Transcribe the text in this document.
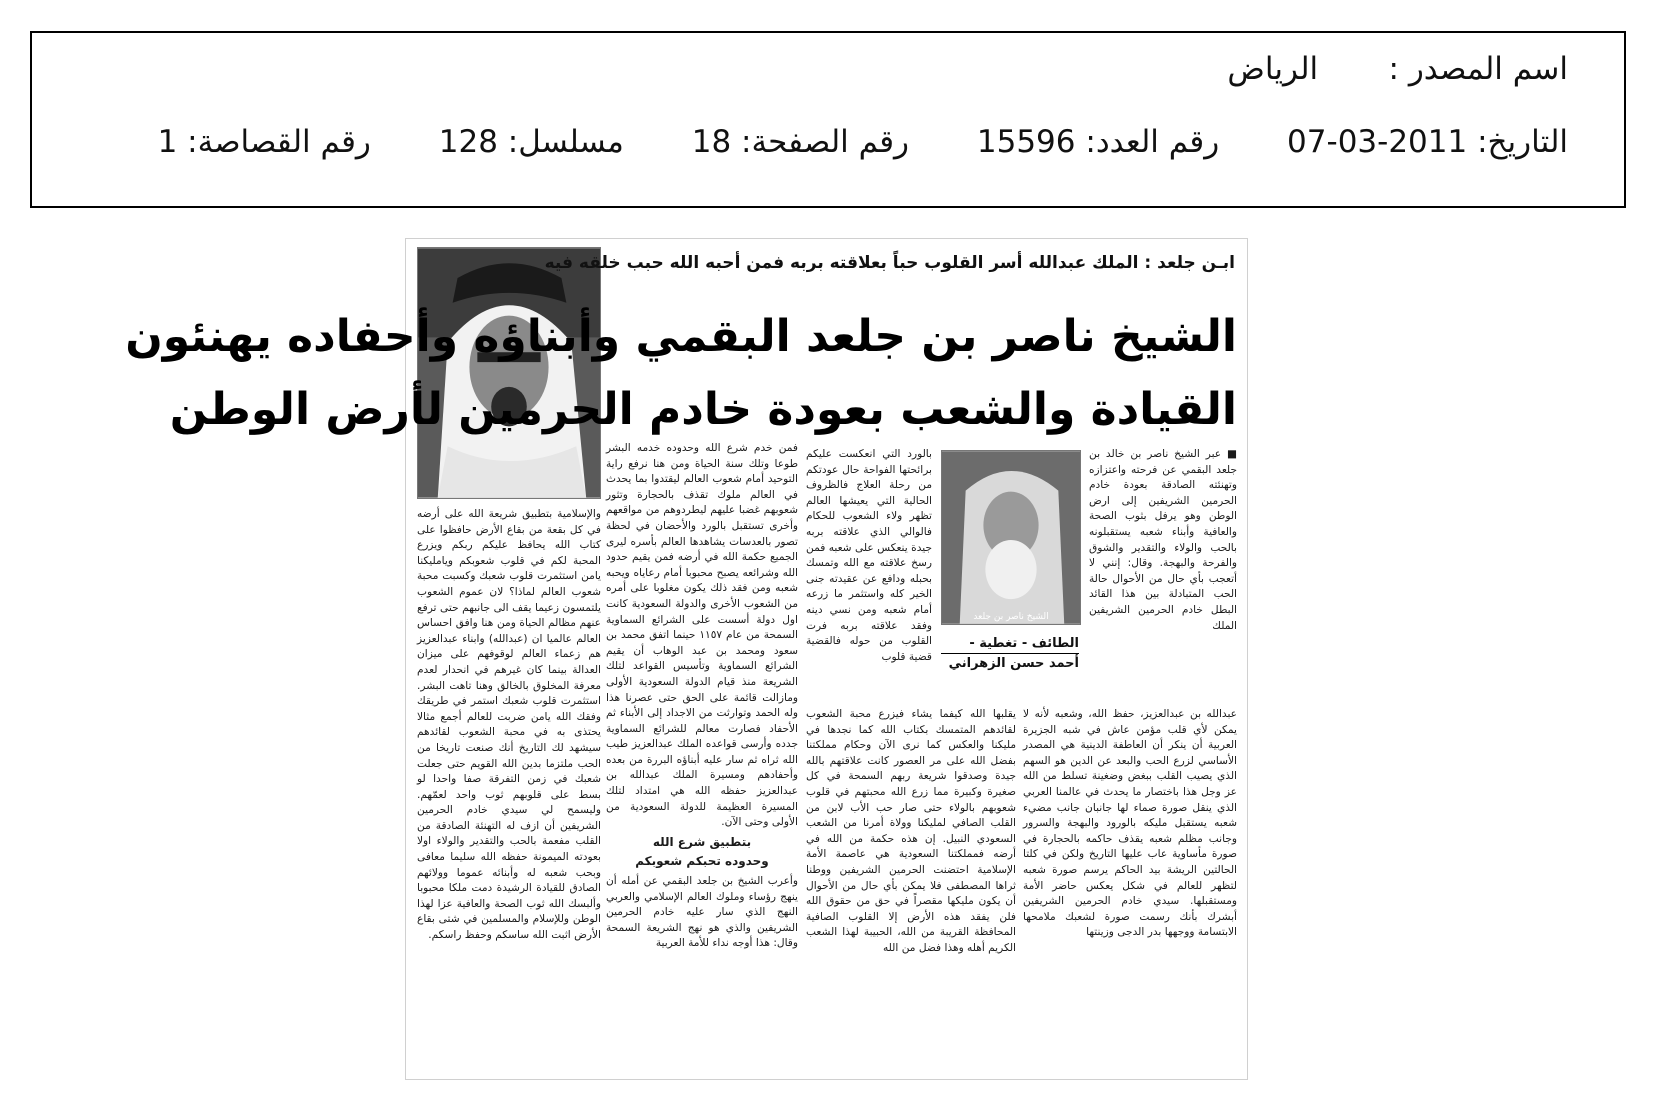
اسم المصدر : الرياض
التاريخ: 2011-03-07 رقم العدد: 15596 رقم الصفحة: 18 مسلسل: 128 رقم القصاصة: 1
ابـن جلعد : الملك عبدالله أسر القلوب حباً بعلاقته بربه فمن أحبه الله حبب خلقه فيه
الشيخ ناصر بن جلعد البقمي وأبناؤه وأحفاده يهنئون
القيادة والشعب بعودة خادم الحرمين لأرض الوطن
الشيخ ناصر بن جلعد
الطائف - تغطية -
أحمد حسن الزهراني

■ عبر الشيخ ناصر بن خالد بن جلعد البقمي عن فرحته واعتزازه وتهنئته الصادقة بعودة خادم الحرمين الشريفين إلى ارض الوطن وهو يرفل بثوب الصحة والعافية وأبناء شعبه يستقبلونه بالحب والولاء والتقدير والشوق والفرحة والبهجة. وقال: إنني لا أتعجب بأي حال من الأحوال حالة الحب المتبادلة بين هذا القائد البطل خادم الحرمين الشريفين الملك

بالورد التي انعكست عليكم برائحتها الفواحة حال عودتكم من رحلة العلاج فالظروف الحالية التي يعيشها العالم تظهر ولاء الشعوب للحكام فالوالي الذي علاقته بربه جيدة ينعكس على شعبه فمن رسخ علاقته مع الله وتمسك بحبله ودافع عن عقيدته جنى الخير كله واستثمر ما زرعه أمام شعبه ومن نسي دينه وفقد علاقته بربه فرت القلوب من حوله فالقضية قضية قلوب

عبدالله بن عبدالعزيز، حفظ الله، وشعبه لأنه لا يمكن لأي قلب مؤمن عاش في شبه الجزيرة العربية أن ينكر أن العاطفة الدينية هي المصدر الأساسي لزرع الحب والبعد عن الدين هو السهم الذي يصيب القلب ببغض وضغينة تسلط من الله عز وجل هذا باختصار ما يحدث في عالمنا العربي الذي ينقل صورة صماء لها جانبان جانب مضيء شعبه يستقبل مليكه بالورود والبهجة والسرور وجانب مظلم شعبه يقذف حاكمه بالحجارة في صورة مأساوية عاب عليها التاريخ ولكن في كلتا الحالتين الريشة بيد الحاكم يرسم صورة شعبه لتظهر للعالم في شكل يعكس حاضر الأمة ومستقبلها. سيدي خادم الحرمين الشريفين أبشرك بأنك رسمت صورة لشعبك ملامحها الابتسامة ووجهها بدر الدجى وزينتها

يقلبها الله كيفما يشاء فيزرع محبة الشعوب لقائدهم المتمسك بكتاب الله كما نجدها في مليكنا والعكس كما نرى الآن وحكام مملكتنا بفضل الله على مر العصور كانت علاقتهم بالله جيدة وصدقوا شريعة ربهم السمحة في كل صغيرة وكبيرة مما زرع الله محبتهم في قلوب شعوبهم بالولاء حتى صار حب الأب لابن من القلب الصافي لمليكنا وولاة أمرنا من الشعب السعودي النبيل. إن هذه حكمة من الله في أرضه فمملكتنا السعودية هي عاصمة الأمة الإسلامية احتضنت الحرمين الشريفين ووطنا ثراها المصطفى فلا يمكن بأي حال من الأحوال أن يكون مليكها مقصراً في حق من حقوق الله فلن يفقد هذه الأرض إلا القلوب الصافية المحافظة القريبة من الله، الحبيبة لهذا الشعب الكريم أهله وهذا فضل من الله

فمن خدم شرع الله وحدوده خدمه البشر طوعا وتلك سنة الحياة ومن هنا نرفع راية التوحيد أمام شعوب العالم ليقتدوا بما يحدث في العالم ملوك تقذف بالحجارة وتثور شعوبهم غضبا عليهم ليطردوهم من مواقعهم وأخرى تستقبل بالورد والأحضان في لحظة تصور بالعدسات يشاهدها العالم بأسره ليرى الجميع حكمة الله في أرضه فمن يقيم حدود الله وشرائعه يصبح محبوبا أمام رعاياه ويحبه شعبه ومن فقد ذلك يكون مغلوبا على أمره من الشعوب الأخرى والدولة السعودية كانت اول دولة أسست على الشرائع السماوية السمحة من عام ١١٥٧ حينما اتفق محمد بن سعود ومحمد بن عبد الوهاب أن يقيم الشرائع السماوية وتأسيس القواعد لتلك الشريعة منذ قيام الدولة السعودية الأولى ومازالت قائمة على الحق حتى عصرنا هذا وله الحمد وتوارثت من الاجداد إلى الأبناء ثم الأحفاد فصارت معالم للشرائع السماوية جدده وأرسى قواعده الملك عبدالعزيز طيب الله ثراه ثم سار عليه أبناؤه البررة من بعده وأحفادهم ومسيرة الملك عبدالله بن عبدالعزيز حفظه الله هي امتداد لتلك المسيرة العظيمة للدولة السعودية من الأولى وحتى الآن.

بتطبيق شرع الله
وحدوده تحبكم شعوبكم

وأعرب الشيخ بن جلعد البقمي عن أمله أن ينهج رؤساء وملوك العالم الإسلامي والعربي النهج الذي سار عليه خادم الحرمين الشريفين والذي هو نهج الشريعة السمحة وقال: هذا أوجه نداء للأمة العربية

والإسلامية بتطبيق شريعة الله على أرضه في كل بقعة من بقاع الأرض حافظوا على كتاب الله يحافظ عليكم ربكم ويزرع المحبة لكم في قلوب شعوبكم ويامليكنا يامن استثمرت قلوب شعبك وكسبت محبة شعوب العالم لماذا؟ لان عموم الشعوب يلتمسون زعيما يقف الى جانبهم حتى ترفع عنهم مظالم الحياة ومن هنا وافق احساس العالم عالميا ان (عبدالله) وابناء عبدالعزيز هم زعماء العالم لوقوفهم على ميزان العدالة بينما كان غيرهم في انحدار لعدم معرفة المخلوق بالخالق وهنا تاهت البشر. استثمرت قلوب شعبك استمر في طريقك وفقك الله يامن ضربت للعالم أجمع مثالا يحتذى به في محبة الشعوب لقائدهم سيشهد لك التاريخ أنك صنعت تاريخا من الحب ملتزما بدين الله القويم حتى جعلت شعبك في زمن التفرقة صفا واحدا لو بسط على قلوبهم ثوب واحد لعمّهم. وليسمح لي سيدي خادم الحرمين الشريفين أن ازف له التهنئة الصادقة من القلب مفعمة بالحب والتقدير والولاء اولا بعودته الميمونة حفظه الله سليما معافى وبحب شعبه له وأبنائه عموما وولائهم الصادق للقيادة الرشيدة دمت ملكا محبوبا وألبسك الله ثوب الصحة والعافية عزا لهذا الوطن وللإسلام والمسلمين في شتى بقاع الأرض اثبت الله ساسكم وحفظ راسكم.
